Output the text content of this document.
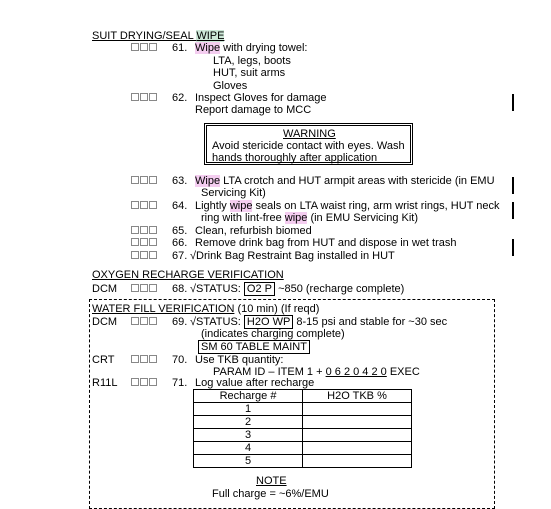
SUIT DRYING/SEAL WIPE
61. Wipe with drying towel:
LTA, legs, boots
HUT, suit arms
Gloves
62. Inspect Gloves for damage
Report damage to MCC
WARNING
Avoid stericide contact with eyes. Wash
hands thoroughly after application
63. Wipe LTA crotch and HUT armpit areas with stericide (in EMU
Servicing Kit)
64. Lightly wipe seals on LTA waist ring, arm wrist rings, HUT neck
ring with lint-free wipe (in EMU Servicing Kit)
65. Clean, refurbish biomed
66. Remove drink bag from HUT and dispose in wet trash
67. √Drink Bag Restraint Bag installed in HUT
OXYGEN RECHARGE VERIFICATION
DCM	68. √STATUS: O2 P ~850 (recharge complete)
WATER FILL VERIFICATION (10 min) (If reqd)
DCM	69. √STATUS: H2O WP 8-15 psi and stable for ~30 sec
(indicates charging complete)
SM 60 TABLE MAINT
CRT	70. Use TKB quantity:
PARAM ID – ITEM 1 + 0 6 2 0 4 2 0 EXEC
R11L	71. Log value after recharge
Recharge #	H2O TKB %
1	
2	
3	
4	
5	
NOTE
Full charge = ~6%/EMU
